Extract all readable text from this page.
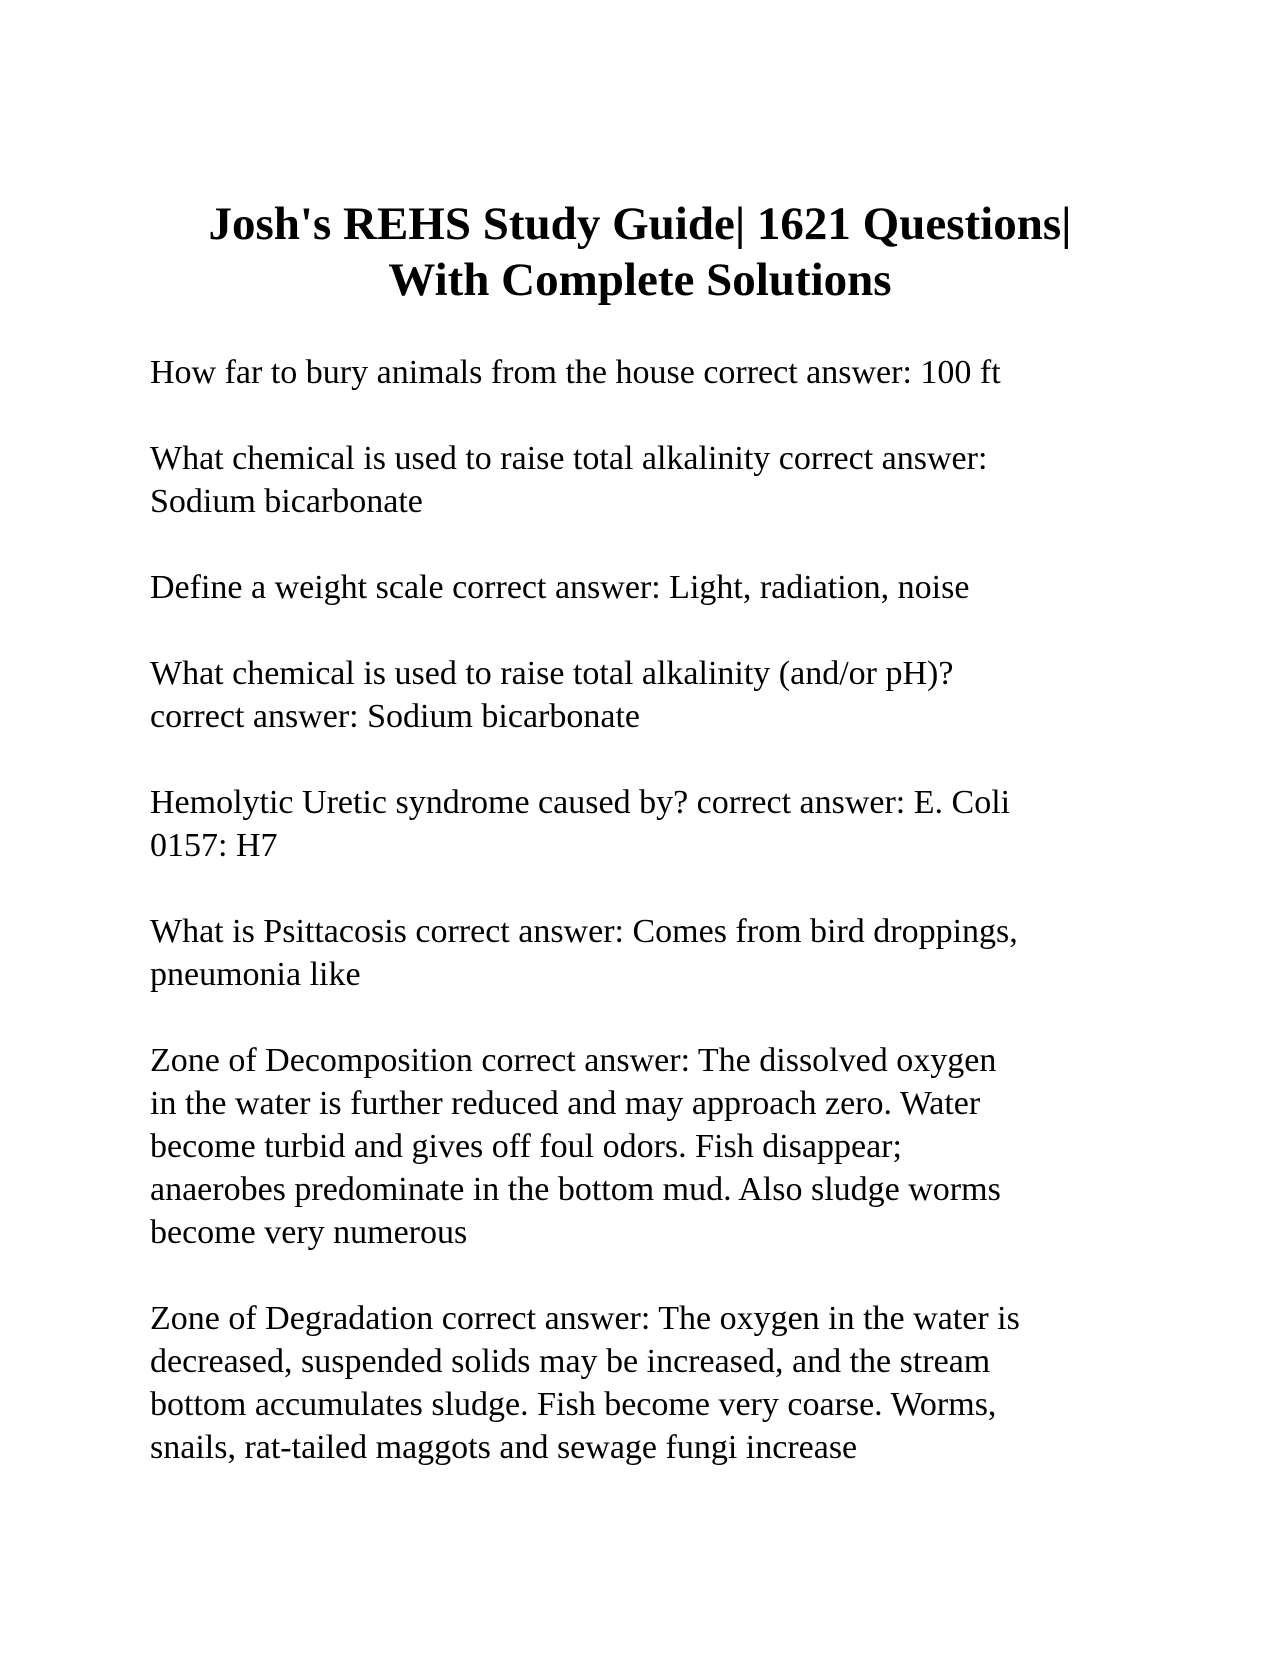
Josh's REHS Study Guide| 1621 Questions|
With Complete Solutions

How far to bury animals from the house correct answer: 100 ft

What chemical is used to raise total alkalinity correct answer:
Sodium bicarbonate

Define a weight scale correct answer: Light, radiation, noise

What chemical is used to raise total alkalinity (and/or pH)?
correct answer: Sodium bicarbonate

Hemolytic Uretic syndrome caused by? correct answer: E. Coli
0157: H7

What is Psittacosis correct answer: Comes from bird droppings,
pneumonia like

Zone of Decomposition correct answer: The dissolved oxygen
in the water is further reduced and may approach zero. Water
become turbid and gives off foul odors. Fish disappear;
anaerobes predominate in the bottom mud. Also sludge worms
become very numerous

Zone of Degradation correct answer: The oxygen in the water is
decreased, suspended solids may be increased, and the stream
bottom accumulates sludge. Fish become very coarse. Worms,
snails, rat-tailed maggots and sewage fungi increase
